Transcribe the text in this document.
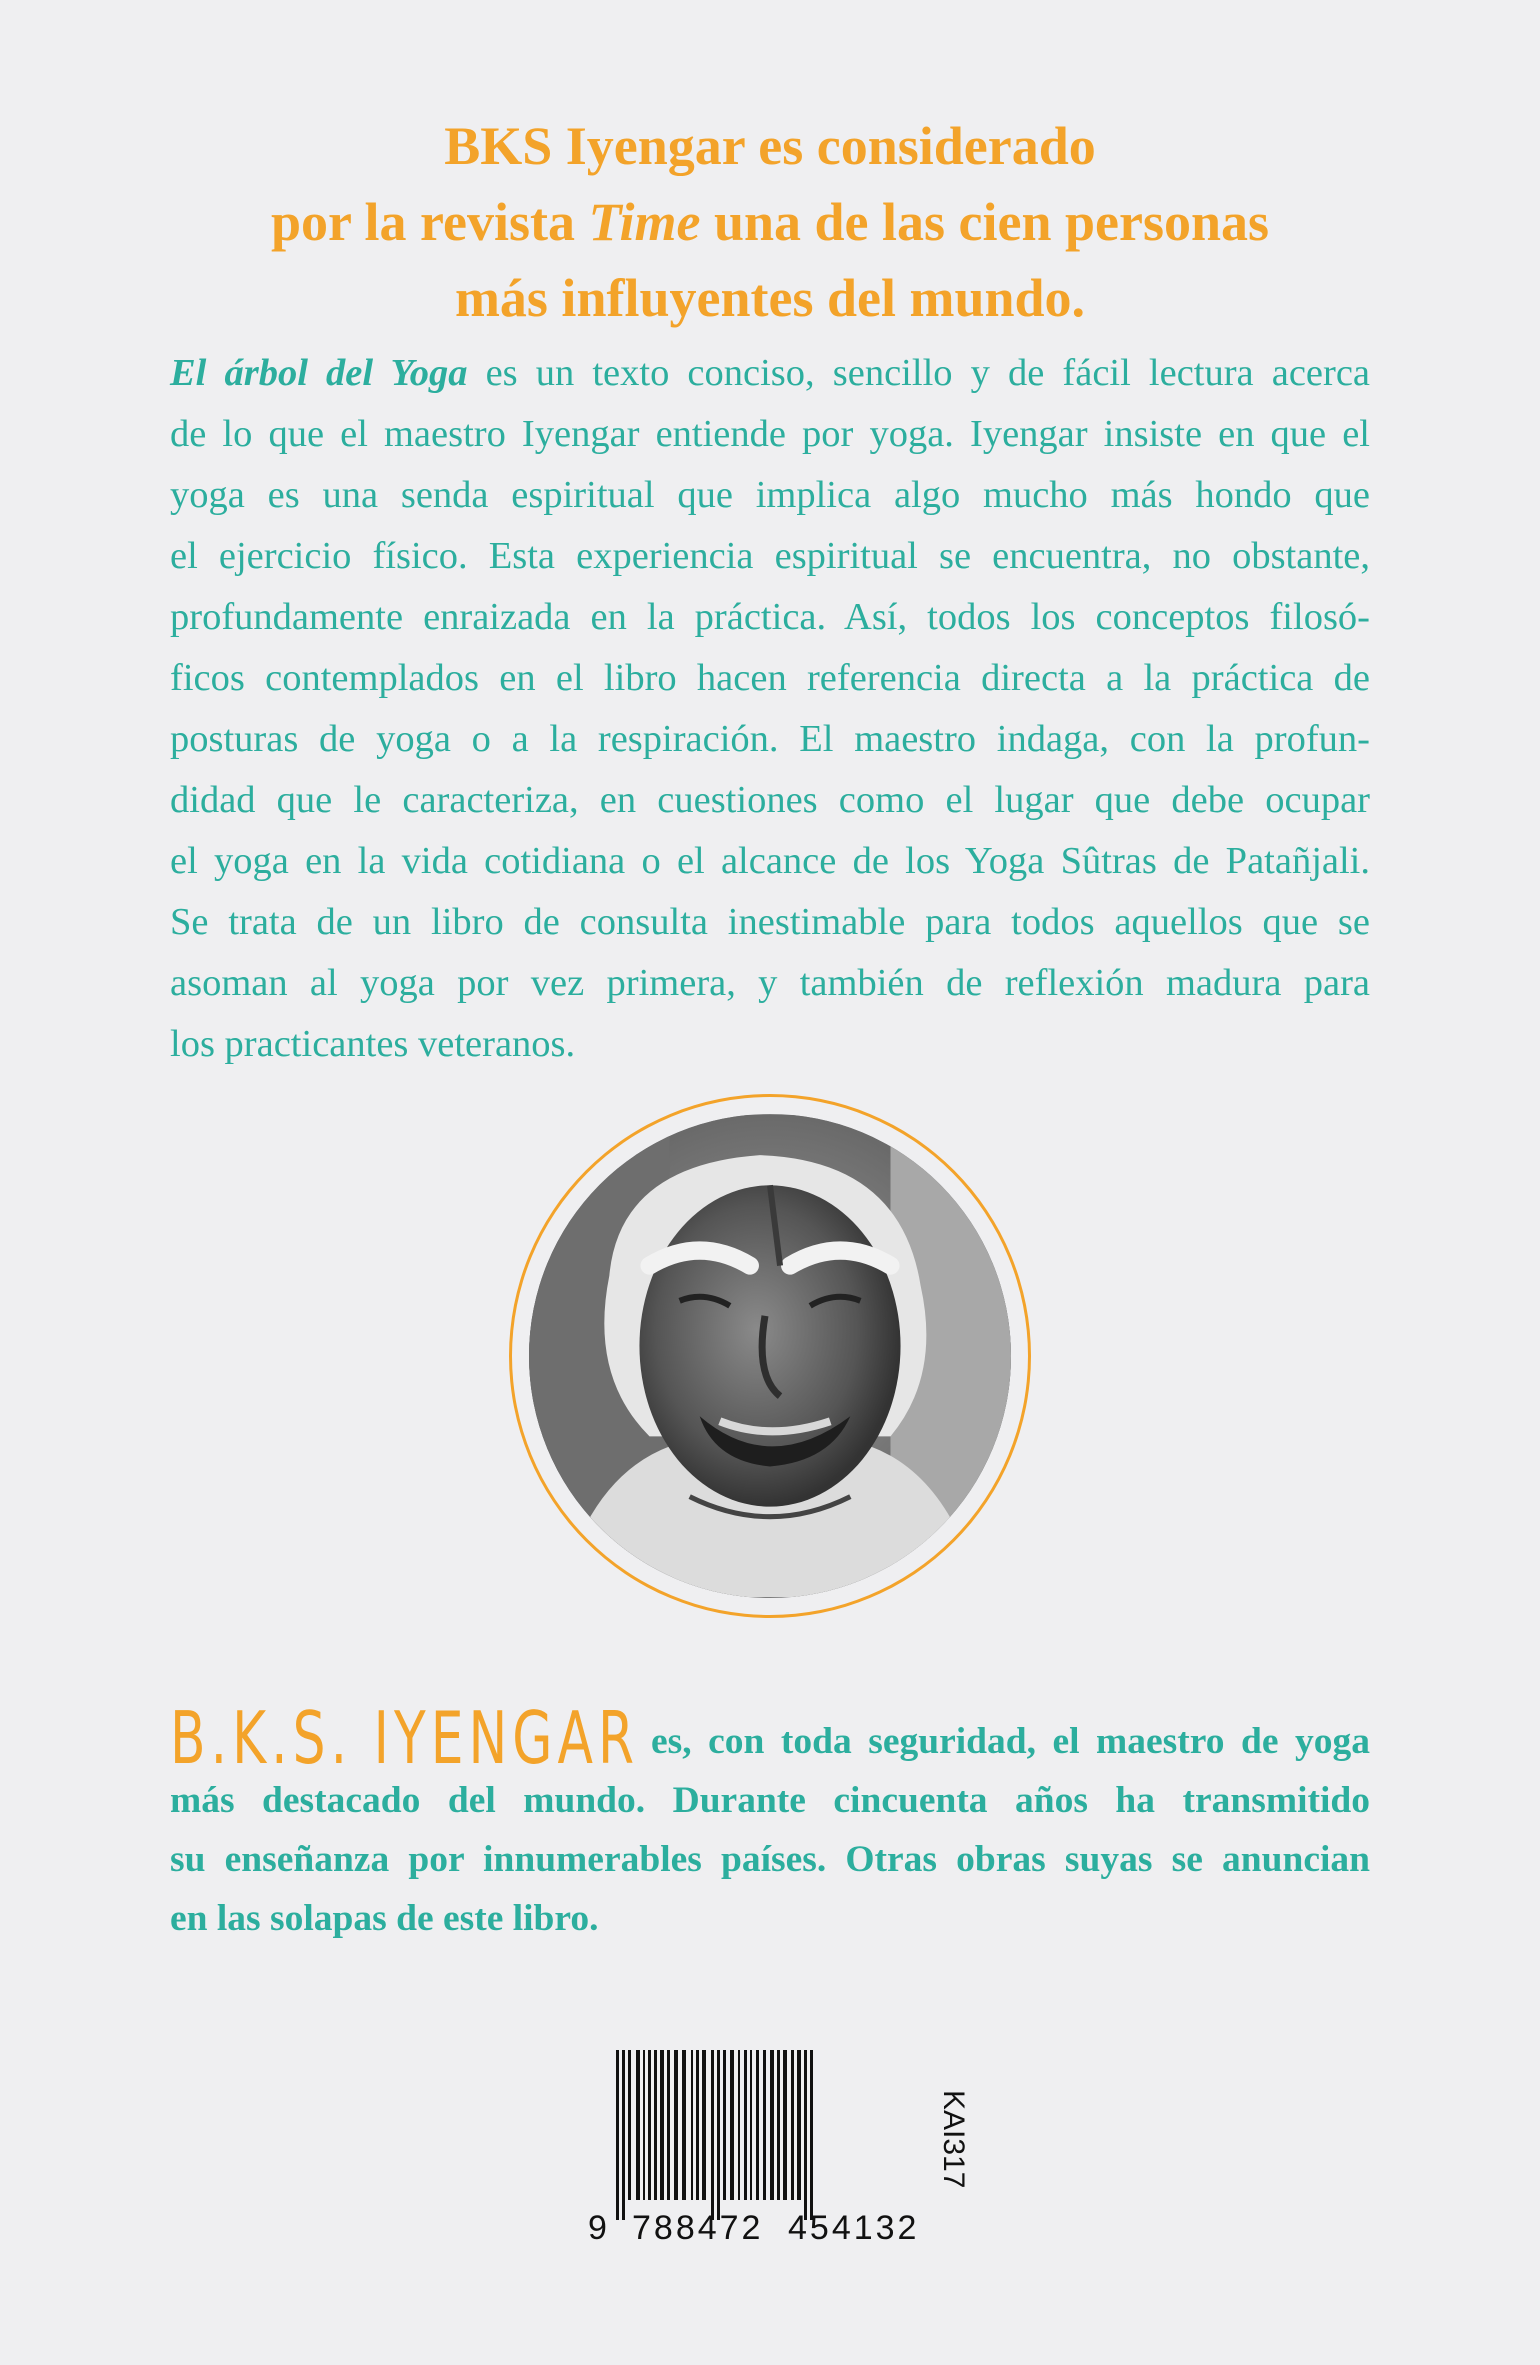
BKS Iyengar es considerado

por la revista Time una de las cien personas

más influyentes del mundo.

El árbol del Yoga es un texto conciso, sencillo y de fácil lectura acerca

de lo que el maestro Iyengar entiende por yoga. Iyengar insiste en que el

yoga es una senda espiritual que implica algo mucho más hondo que

el ejercicio físico. Esta experiencia espiritual se encuentra, no obstante,

profundamente enraizada en la práctica. Así, todos los conceptos filosó-

ficos contemplados en el libro hacen referencia directa a la práctica de

posturas de yoga o a la respiración. El maestro indaga, con la profun-

didad que le caracteriza, en cuestiones como el lugar que debe ocupar

el yoga en la vida cotidiana o el alcance de los Yoga Sûtras de Patañjali.

Se trata de un libro de consulta inestimable para todos aquellos que se

asoman al yoga por vez primera, y también de reflexión madura para

los practicantes veteranos.

B.K.S. IYENGAR es, con toda seguridad, el maestro de yoga

más destacado del mundo. Durante cincuenta años ha transmitido

su enseñanza por innumerables países. Otras obras suyas se anuncian

en las solapas de este libro.

9

788472

454132

KAI317
